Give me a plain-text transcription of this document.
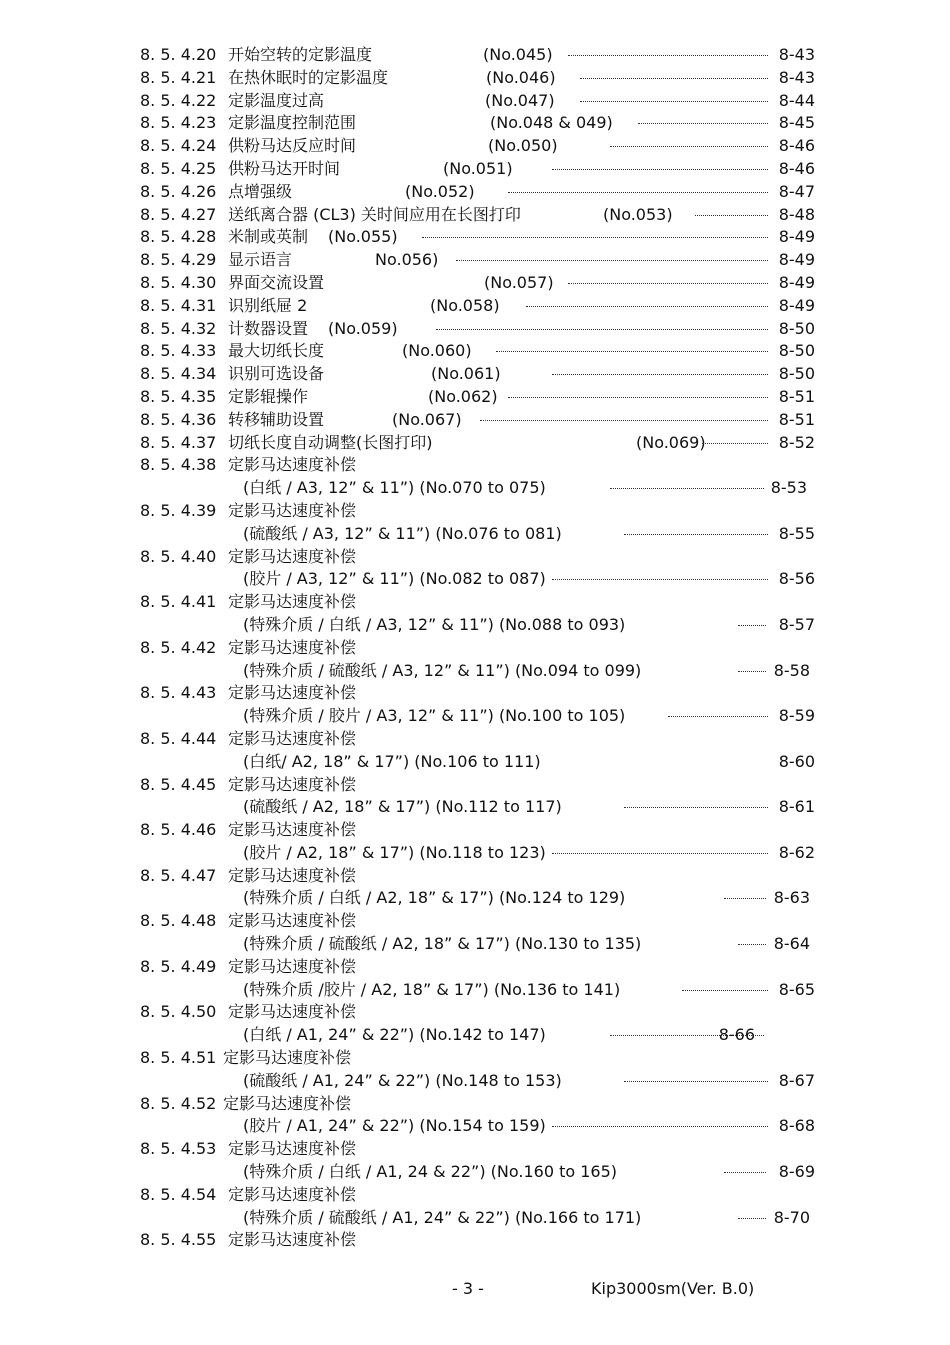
8. 5. 4.20 开始空转的定影温度	(No.045)	8-43
8. 5. 4.21 在热休眠时的定影温度	(No.046)	8-43
8. 5. 4.22 定影温度过高	(No.047)	8-44
8. 5. 4.23 定影温度控制范围	(No.048 & 049)	8-45
8. 5. 4.24 供粉马达反应时间	(No.050)	8-46
8. 5. 4.25 供粉马达开时间	(No.051)	8-46
8. 5. 4.26 点增强级	(No.052)	8-47
8. 5. 4.27 送纸离合器 (CL3) 关时间应用在长图打印	(No.053)	8-48
8. 5. 4.28 米制或英制 (No.055)	8-49
8. 5. 4.29 显示语言	No.056)	8-49
8. 5. 4.30 界面交流设置	(No.057)	8-49
8. 5. 4.31 识别纸屉 2	(No.058)	8-49
8. 5. 4.32 计数器设置 (No.059)	8-50
8. 5. 4.33 最大切纸长度	(No.060)	8-50
8. 5. 4.34 识别可选设备	(No.061)	8-50
8. 5. 4.35 定影辊操作	(No.062)	8-51
8. 5. 4.36 转移辅助设置	(No.067)	8-51
8. 5. 4.37 切纸长度自动调整(长图打印)	(No.069)	8-52
8. 5. 4.38 定影马达速度补偿
(白纸 / A3, 12” & 11”) (No.070 to 075)	8-53
8. 5. 4.39 定影马达速度补偿
(硫酸纸 / A3, 12” & 11”) (No.076 to 081)	8-55
8. 5. 4.40 定影马达速度补偿
(胶片 / A3, 12” & 11”) (No.082 to 087)	8-56
8. 5. 4.41 定影马达速度补偿
(特殊介质 / 白纸 / A3, 12” & 11”) (No.088 to 093)	8-57
8. 5. 4.42 定影马达速度补偿
(特殊介质 / 硫酸纸 / A3, 12” & 11”) (No.094 to 099)	8-58
8. 5. 4.43 定影马达速度补偿
(特殊介质 / 胶片 / A3, 12” & 11”) (No.100 to 105)	8-59
8. 5. 4.44 定影马达速度补偿
(白纸/ A2, 18” & 17”) (No.106 to 111)	8-60
8. 5. 4.45 定影马达速度补偿
(硫酸纸 / A2, 18” & 17”) (No.112 to 117)	8-61
8. 5. 4.46 定影马达速度补偿
(胶片 / A2, 18” & 17”) (No.118 to 123)	8-62
8. 5. 4.47 定影马达速度补偿
(特殊介质 / 白纸 / A2, 18” & 17”) (No.124 to 129)	8-63
8. 5. 4.48 定影马达速度补偿
(特殊介质 / 硫酸纸 / A2, 18” & 17”) (No.130 to 135)	8-64
8. 5. 4.49 定影马达速度补偿
(特殊介质 /胶片 / A2, 18” & 17”) (No.136 to 141)	8-65
8. 5. 4.50 定影马达速度补偿
(白纸 / A1, 24” & 22”) (No.142 to 147)	8-66
8. 5. 4.51 定影马达速度补偿
(硫酸纸 / A1, 24” & 22”) (No.148 to 153)	8-67
8. 5. 4.52 定影马达速度补偿
(胶片 / A1, 24” & 22”) (No.154 to 159)	8-68
8. 5. 4.53 定影马达速度补偿
(特殊介质 / 白纸 / A1, 24 & 22”) (No.160 to 165)	8-69
8. 5. 4.54 定影马达速度补偿
(特殊介质 / 硫酸纸 / A1, 24” & 22”) (No.166 to 171)	8-70
8. 5. 4.55 定影马达速度补偿
- 3 -	Kip3000sm(Ver. B.0)
